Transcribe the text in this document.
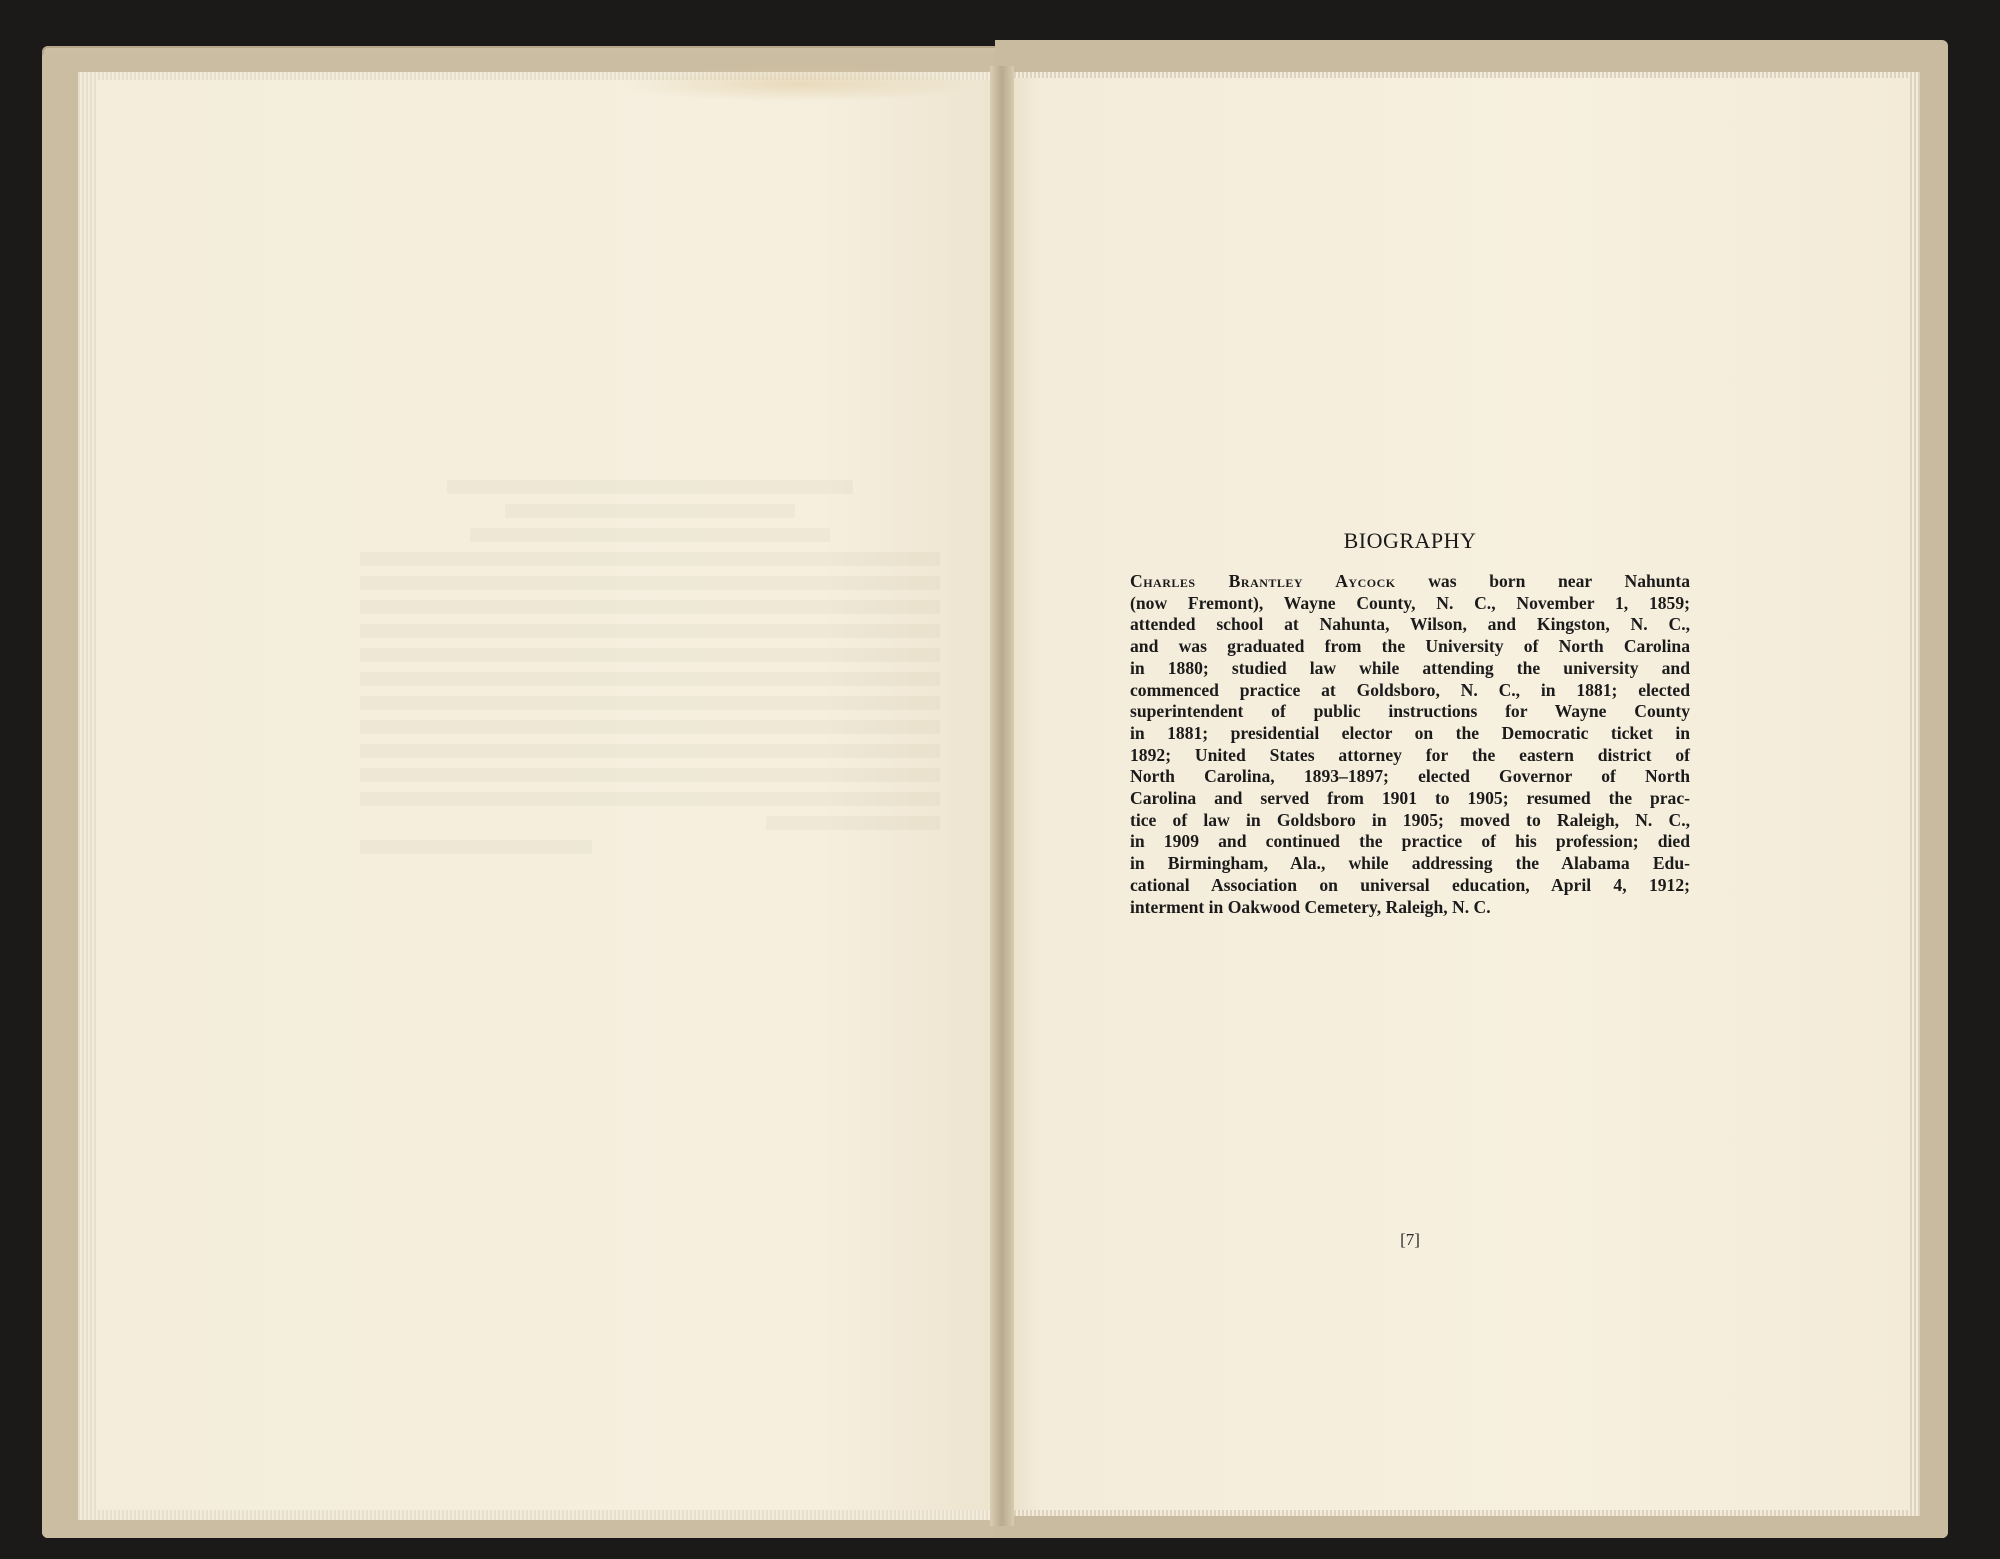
BIOGRAPHY
Charles Brantley Aycock was born near Nahunta
(now Fremont), Wayne County, N. C., November 1, 1859;
attended school at Nahunta, Wilson, and Kingston, N. C.,
and was graduated from the University of North Carolina
in 1880; studied law while attending the university and
commenced practice at Goldsboro, N. C., in 1881; elected
superintendent of public instructions for Wayne County
in 1881; presidential elector on the Democratic ticket in
1892; United States attorney for the eastern district of
North Carolina, 1893–1897; elected Governor of North
Carolina and served from 1901 to 1905; resumed the prac-
tice of law in Goldsboro in 1905; moved to Raleigh, N. C.,
in 1909 and continued the practice of his profession; died
in Birmingham, Ala., while addressing the Alabama Edu-
cational Association on universal education, April 4, 1912;
interment in Oakwood Cemetery, Raleigh, N. C.
[7]
